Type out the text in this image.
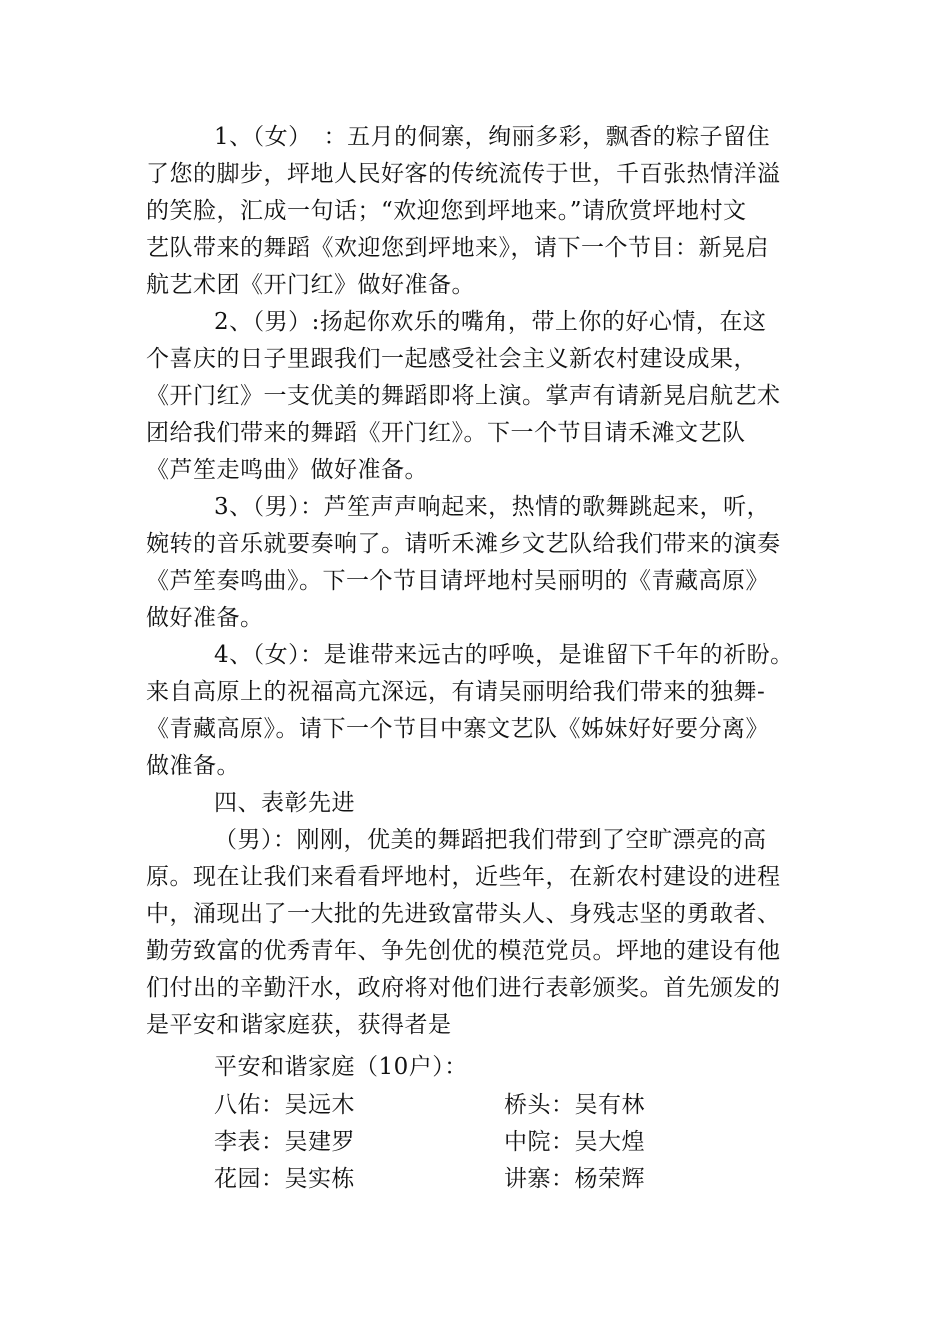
1、（女）　：五月的侗寨，绚丽多彩，飘香的粽子留住
了您的脚步，坪地人民好客的传统流传于世，千百张热情洋溢
的笑脸，汇成一句话；“欢迎您到坪地来。”请欣赏坪地村文
艺队带来的舞蹈《欢迎您到坪地来》，请下一个节目：新晃启
航艺术团《开门红》做好准备。
2、（男）:扬起你欢乐的嘴角，带上你的好心情，在这
个喜庆的日子里跟我们一起感受社会主义新农村建设成果，
《开门红》一支优美的舞蹈即将上演。掌声有请新晃启航艺术
团给我们带来的舞蹈《开门红》。下一个节目请禾滩文艺队
《芦笙走鸣曲》做好准备。
3、（男）：芦笙声声响起来，热情的歌舞跳起来，听，
婉转的音乐就要奏响了。请听禾滩乡文艺队给我们带来的演奏
《芦笙奏鸣曲》。下一个节目请坪地村吴丽明的《青藏高原》
做好准备。
4、（女）：是谁带来远古的呼唤，是谁留下千年的祈盼。
来自高原上的祝福高亢深远，有请吴丽明给我们带来的独舞-
《青藏高原》。请下一个节目中寨文艺队《姊妹好好要分离》
做准备。
四、表彰先进
（男）：刚刚，优美的舞蹈把我们带到了空旷漂亮的高
原。现在让我们来看看坪地村，近些年，在新农村建设的进程
中，涌现出了一大批的先进致富带头人、身残志坚的勇敢者、
勤劳致富的优秀青年、争先创优的模范党员。坪地的建设有他
们付出的辛勤汗水，政府将对他们进行表彰颁奖。首先颁发的
是平安和谐家庭获，获得者是
平安和谐家庭（10户）：
八佑：吴远木	桥头：吴有林
李表：吴建罗	中院：吴大煌
花园：吴实栋	讲寨：杨荣辉
